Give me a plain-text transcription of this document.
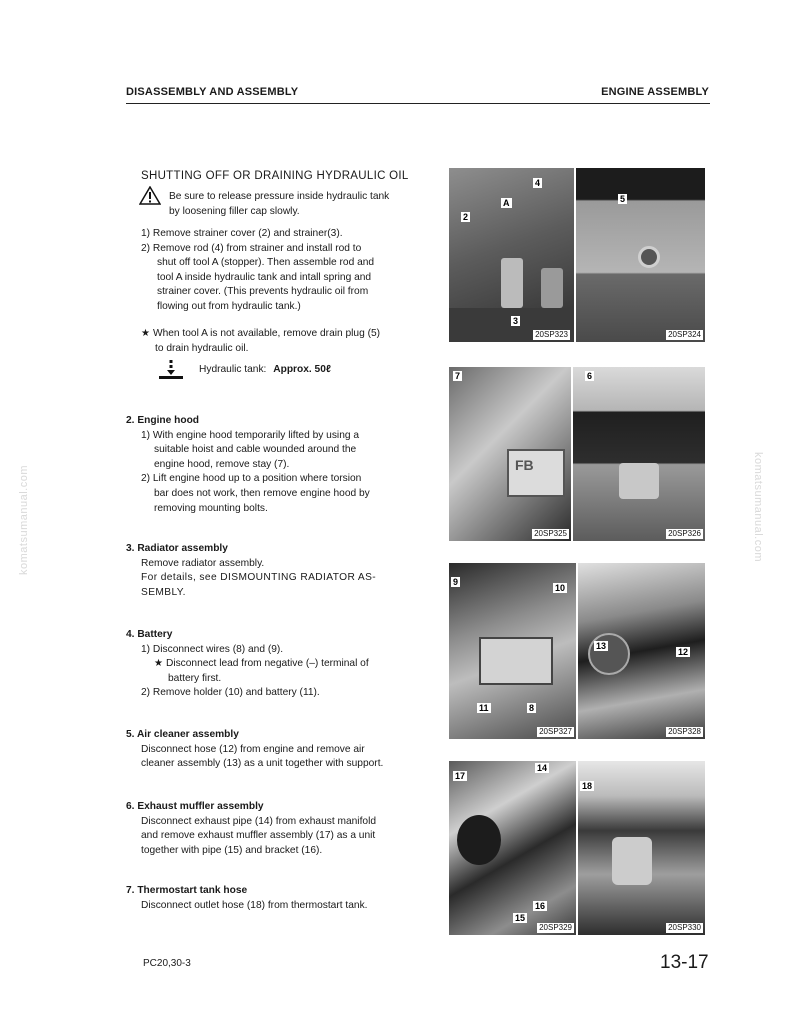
DISASSEMBLY AND ASSEMBLY	ENGINE ASSEMBLY
komatsumanual.com	komatsumanual.com
SHUTTING OFF OR DRAINING HYDRAULIC OIL
Be sure to release pressure inside hydraulic tank
by loosening filler cap slowly.
1) Remove strainer cover (2) and strainer(3).
2) Remove rod (4) from strainer and install rod to
shut off tool A (stopper). Then assemble rod and
tool A inside hydraulic tank and intall spring and
strainer cover. (This prevents hydraulic oil from
flowing out from hydraulic tank.)
★ When tool A is not available, remove drain plug (5)
to drain hydraulic oil.
Hydraulic tank: Approx. 50ℓ
2. Engine hood
1) With engine hood temporarily lifted by using a
suitable hoist and cable wounded around the
engine hood, remove stay (7).
2) Lift engine hood up to a position where torsion
bar does not work, then remove engine hood by
removing mounting bolts.
3. Radiator assembly
Remove radiator assembly.
For details, see DISMOUNTING RADIATOR AS-
SEMBLY.
4. Battery
1) Disconnect wires (8) and (9).
★ Disconnect lead from negative (–) terminal of
battery first.
2) Remove holder (10) and battery (11).
5. Air cleaner assembly
Disconnect hose (12) from engine and remove air
cleaner assembly (13) as a unit together with support.
6. Exhaust muffler assembly
Disconnect exhaust pipe (14) from exhaust manifold
and remove exhaust muffler assembly (17) as a unit
together with pipe (15) and bracket (16).
7. Thermostart tank hose
Disconnect outlet hose (18) from thermostart tank.
4
2
A
3
20SP323
5
20SP324
FB
7
20SP325
6
20SP326
9
10
11	8
20SP327
13
12
20SP328
17
14
16
15
20SP329
18
20SP330
PC20,30-3	13-17
